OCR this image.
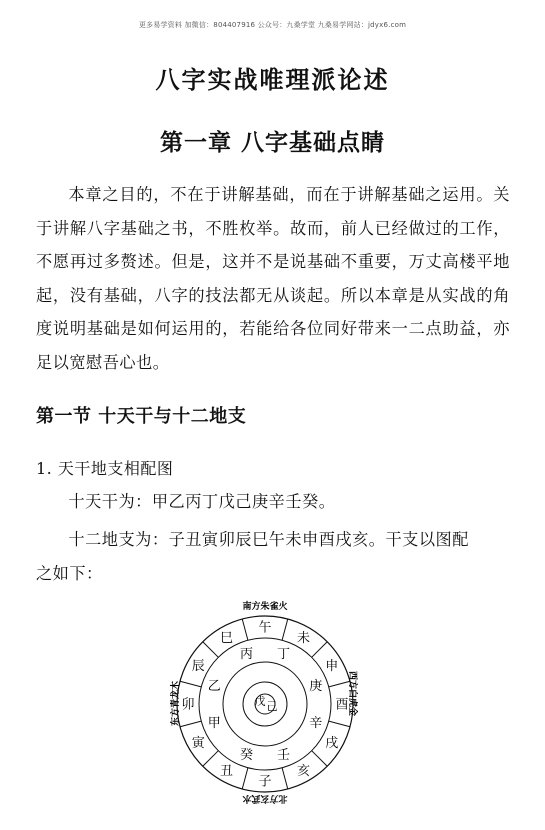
更多易学资料 加微信：804407916 公众号：九桑学堂 九桑易学网站：jdyx6.com
八字实战唯理派论述
第一章 八字基础点睛

本章之目的，不在于讲解基础，而在于讲解基础之运用。关于讲解八字基础之书，不胜枚举。故而，前人已经做过的工作，不愿再过多赘述。但是，这并不是说基础不重要，万丈高楼平地起，没有基础，八字的技法都无从谈起。所以本章是从实战的角度说明基础是如何运用的，若能给各位同好带来一二点助益，亦足以宽慰吾心也。

第一节 十天干与十二地支
1. 天干地支相配图

十天干为：甲乙丙丁戊己庚辛壬癸。

十二地支为：子丑寅卯辰巳午未申酉戌亥。干支以图配

之如下：

南方朱雀火
西方白虎金
东方青龙木
北方玄武水
午
未
申
酉
戌
亥
子
丑
寅
卯
辰
巳
丙 丁
庚
辛
壬
癸
甲
乙
戊 己
